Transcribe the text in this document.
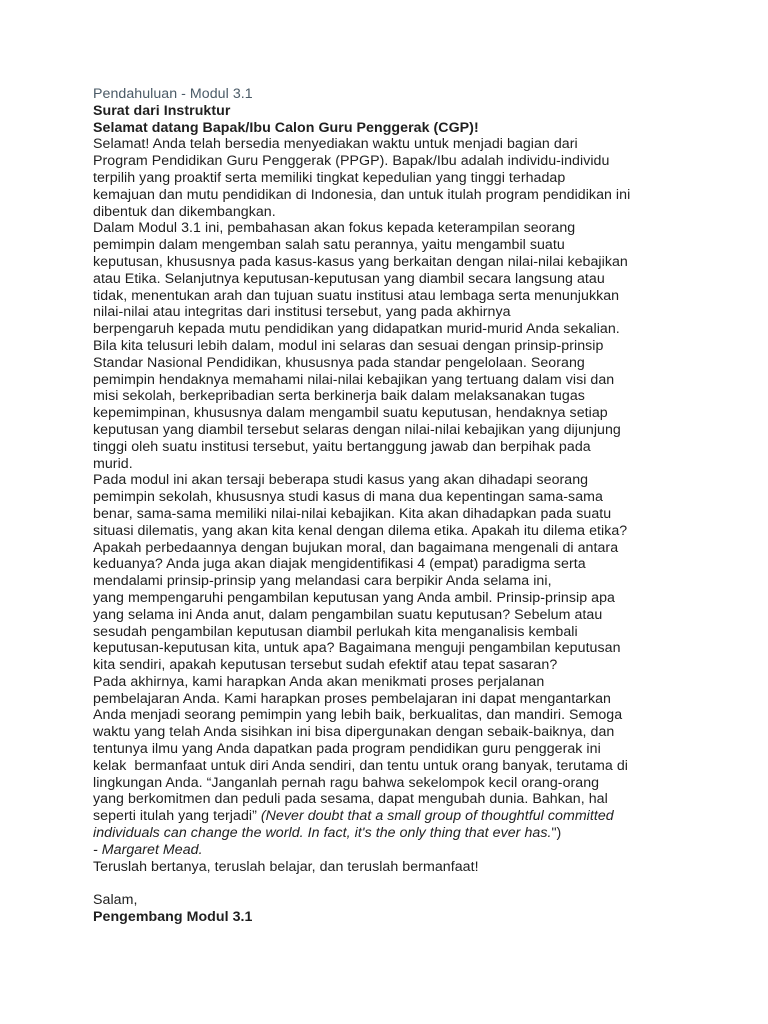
Pendahuluan - Modul 3.1

Surat dari Instruktur

Selamat datang Bapak/Ibu Calon Guru Penggerak (CGP)!

Selamat! Anda telah bersedia menyediakan waktu untuk menjadi bagian dari

Program Pendidikan Guru Penggerak (PPGP). Bapak/Ibu adalah individu-individu

terpilih yang proaktif serta memiliki tingkat kepedulian yang tinggi terhadap

kemajuan dan mutu pendidikan di Indonesia, dan untuk itulah program pendidikan ini

dibentuk dan dikembangkan.

Dalam Modul 3.1 ini, pembahasan akan fokus kepada keterampilan seorang

pemimpin dalam mengemban salah satu perannya, yaitu mengambil suatu

keputusan, khususnya pada kasus-kasus yang berkaitan dengan nilai-nilai kebajikan

atau Etika. Selanjutnya keputusan-keputusan yang diambil secara langsung atau

tidak, menentukan arah dan tujuan suatu institusi atau lembaga serta menunjukkan

nilai-nilai atau integritas dari institusi tersebut, yang pada akhirnya

berpengaruh kepada mutu pendidikan yang didapatkan murid-murid Anda sekalian.

Bila kita telusuri lebih dalam, modul ini selaras dan sesuai dengan prinsip-prinsip

Standar Nasional Pendidikan, khususnya pada standar pengelolaan. Seorang

pemimpin hendaknya memahami nilai-nilai kebajikan yang tertuang dalam visi dan

misi sekolah, berkepribadian serta berkinerja baik dalam melaksanakan tugas

kepemimpinan, khususnya dalam mengambil suatu keputusan, hendaknya setiap

keputusan yang diambil tersebut selaras dengan nilai-nilai kebajikan yang dijunjung

tinggi oleh suatu institusi tersebut, yaitu bertanggung jawab dan berpihak pada

murid.

Pada modul ini akan tersaji beberapa studi kasus yang akan dihadapi seorang

pemimpin sekolah, khususnya studi kasus di mana dua kepentingan sama-sama

benar, sama-sama memiliki nilai-nilai kebajikan. Kita akan dihadapkan pada suatu

situasi dilematis, yang akan kita kenal dengan dilema etika. Apakah itu dilema etika?

Apakah perbedaannya dengan bujukan moral, dan bagaimana mengenali di antara

keduanya? Anda juga akan diajak mengidentifikasi 4 (empat) paradigma serta

mendalami prinsip-prinsip yang melandasi cara berpikir Anda selama ini,

yang mempengaruhi pengambilan keputusan yang Anda ambil. Prinsip-prinsip apa

yang selama ini Anda anut, dalam pengambilan suatu keputusan? Sebelum atau

sesudah pengambilan keputusan diambil perlukah kita menganalisis kembali

keputusan-keputusan kita, untuk apa? Bagaimana menguji pengambilan keputusan

kita sendiri, apakah keputusan tersebut sudah efektif atau tepat sasaran?

Pada akhirnya, kami harapkan Anda akan menikmati proses perjalanan

pembelajaran Anda. Kami harapkan proses pembelajaran ini dapat mengantarkan

Anda menjadi seorang pemimpin yang lebih baik, berkualitas, dan mandiri. Semoga

waktu yang telah Anda sisihkan ini bisa dipergunakan dengan sebaik-baiknya, dan

tentunya ilmu yang Anda dapatkan pada program pendidikan guru penggerak ini

kelak  bermanfaat untuk diri Anda sendiri, dan tentu untuk orang banyak, terutama di

lingkungan Anda. “Janganlah pernah ragu bahwa sekelompok kecil orang-orang

yang berkomitmen dan peduli pada sesama, dapat mengubah dunia. Bahkan, hal

seperti itulah yang terjadi” (Never doubt that a small group of thoughtful committed

individuals can change the world. In fact, it's the only thing that ever has.")

- Margaret Mead.

Teruslah bertanya, teruslah belajar, dan teruslah bermanfaat!

Salam,

Pengembang Modul 3.1
